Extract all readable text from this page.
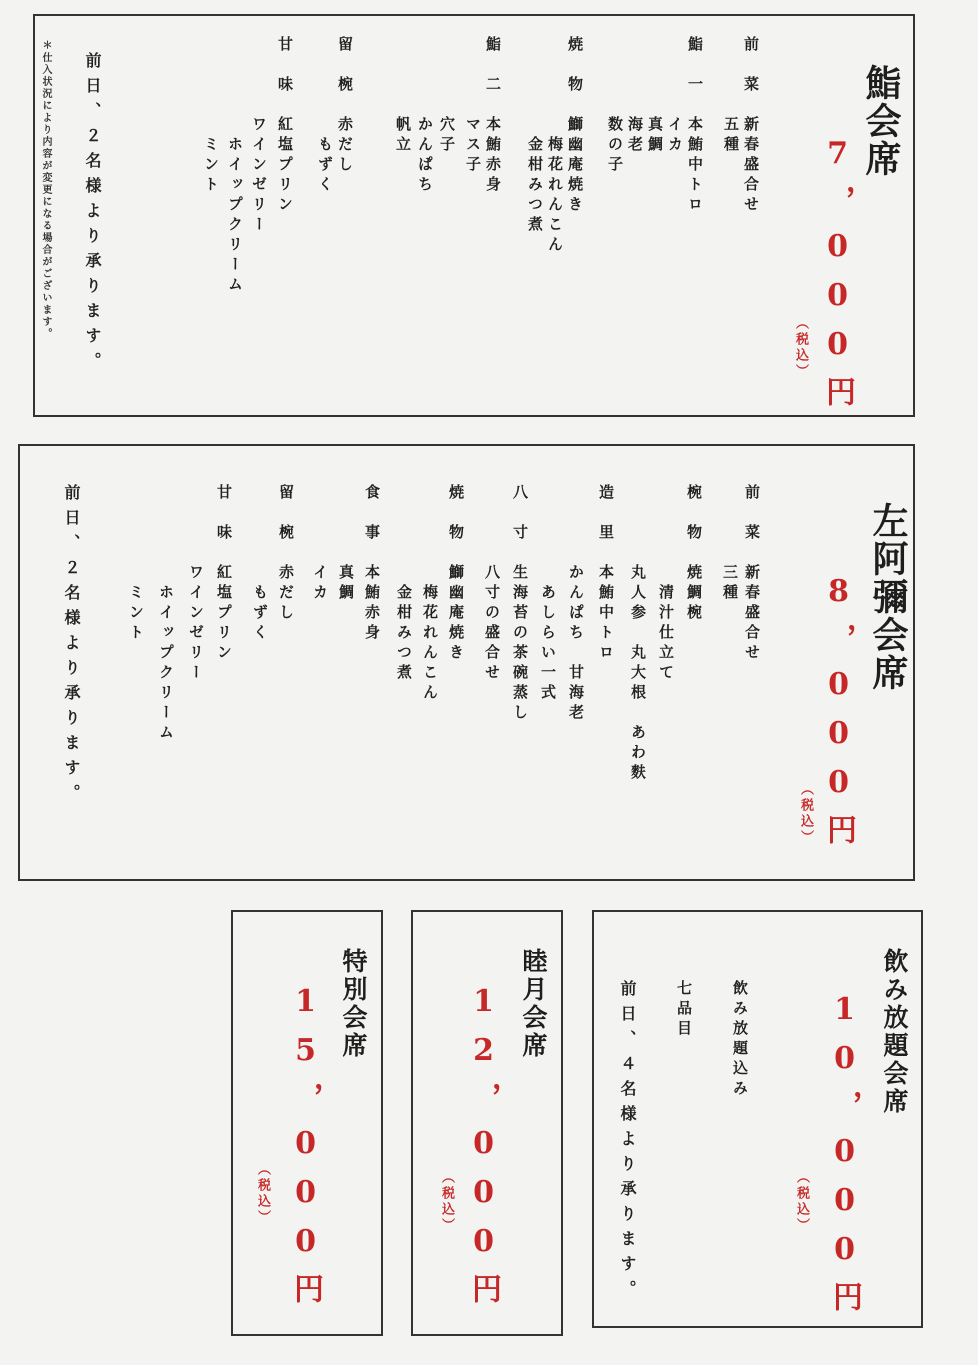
鮨会席
7，000円
（税込）
前　菜　新春盛合せ
　　　　五種
鮨　一　本鮪中トロ
　　　　イカ
　　　　真鯛
　　　　海老
　　　　数の子
焼　物　鰤幽庵焼き
　　　　　梅花れんこん
　　　　　金柑みつ煮
鮨　二　本鮪赤身
　　　　マス子
　　　　穴子
　　　　かんぱち
　　　　帆立
留　椀　赤だし
　　　　　もずく
甘　味　紅塩プリン
　　　　ワインゼリー
　　　　　ホイップクリーム
　　　　　ミント
前日、２名様より承ります。
＊仕入状況により内容が変更になる場合がございます。
左阿彌会席
8，000円
（税込）
前　菜　新春盛合せ
　　　　三種
椀　物　焼鯛椀
　　　　丸人参　丸大根　あわ麩 　　　　　清汁仕立て
造　里　本鮪中トロ
　　　　かんぱち　甘海老
　　　　　あしらい一式
八　寸　生海苔の茶碗蒸し
　　　　八寸の盛合せ
焼　物　鰤幽庵焼き
　　　　　梅花れんこん
　　　　　金柑みつ煮
食　事　本鮪赤身
　　　　真鯛
　　　　イカ
留　椀　赤だし
　　　　　もずく
甘　味　紅塩プリン
　　　　ワインゼリー
　　　　　ホイップクリーム
　　　　　ミント
前日、２名様より承ります。
飲み放題会席
10，000円
（税込）
飲み放題込み
七品目
前日、４名様より承ります。
睦月会席
12，000円
（税込）
特別会席
15，000円
（税込）
